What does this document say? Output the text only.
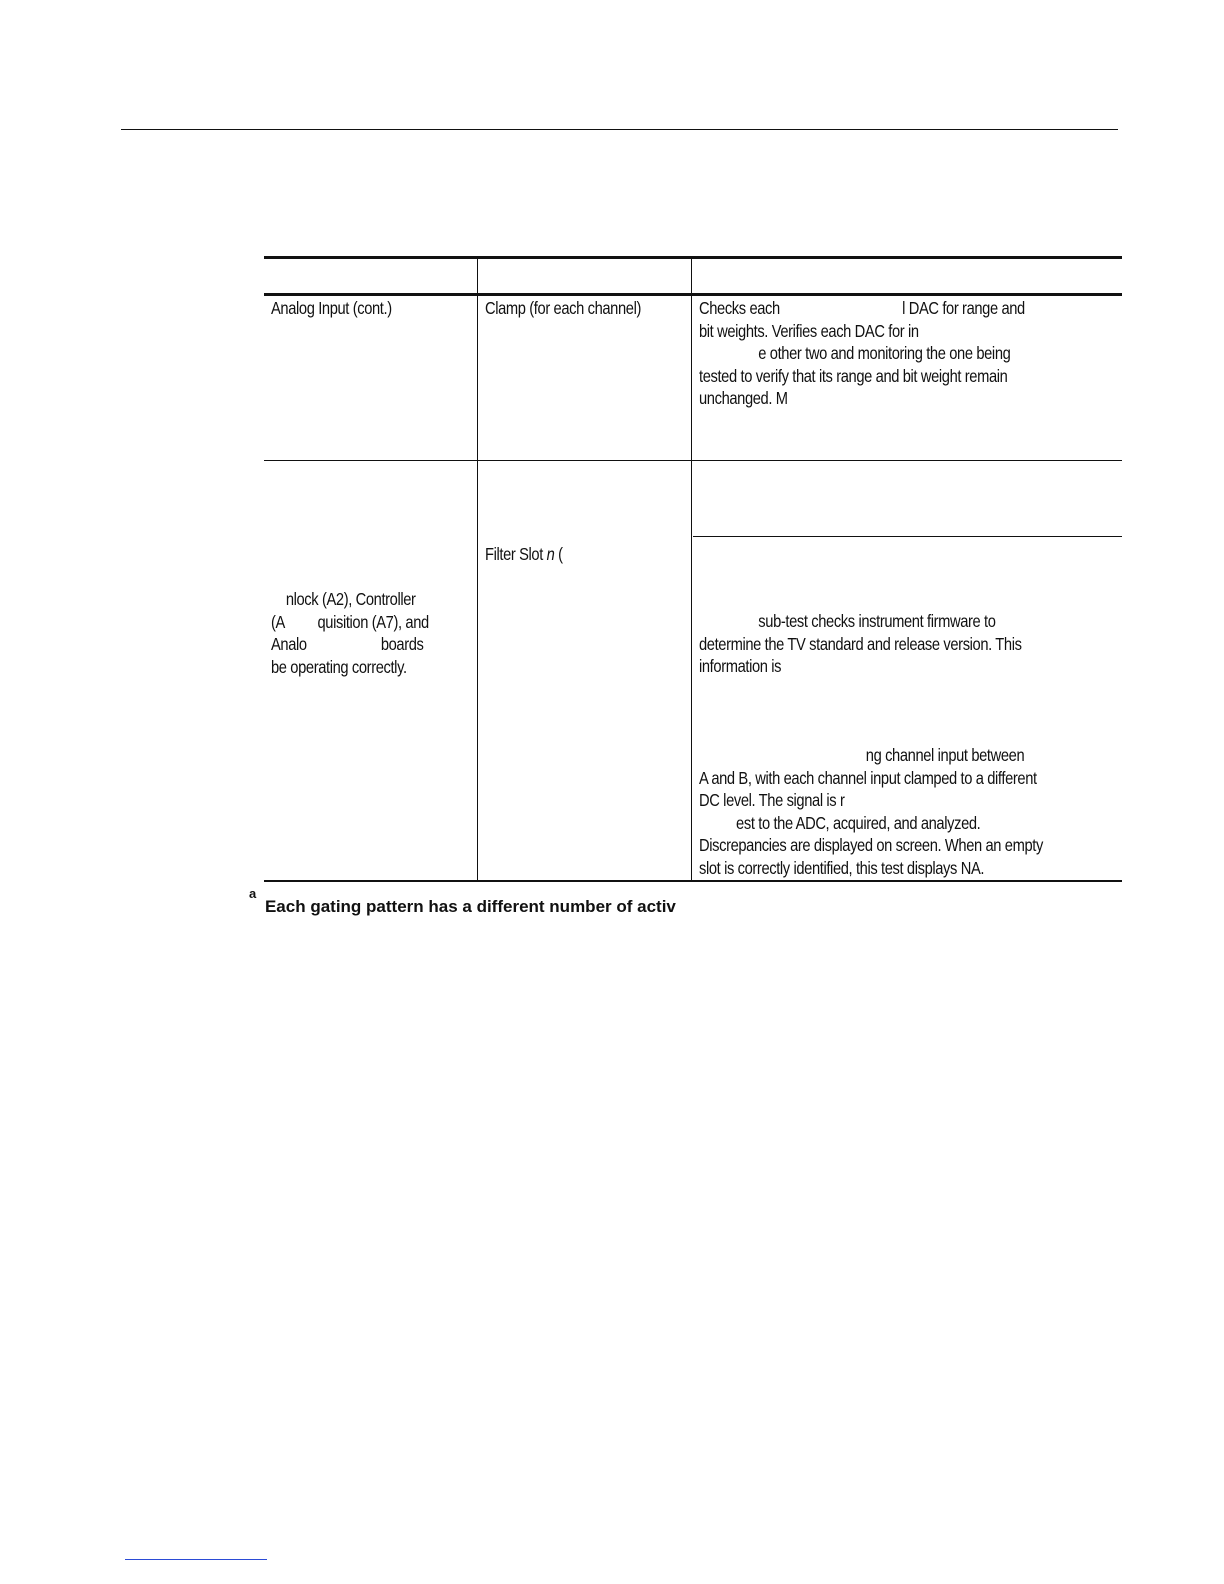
Analog Input (cont.)	Clamp (for each channel)	Checks each                                 l DAC for range and
bit weights. Verifies each DAC for in
e other two and monitoring the one being
tested to verify that its range and bit weight remain
unchanged. M
nlock (A2), Controller
(A         quisition (A7), and
Analo                    boards
be operating correctly.
Filter Slot n (
sub-test checks instrument firmware to
determine the TV standard and release version. This
information is
ng channel input between
A and B, with each channel input clamped to a different
DC level. The signal is r
est to the ADC, acquired, and analyzed.
Discrepancies are displayed on screen. When an empty
slot is correctly identified, this test displays NA.
$^a$ Each gating pattern has a different number of activ
